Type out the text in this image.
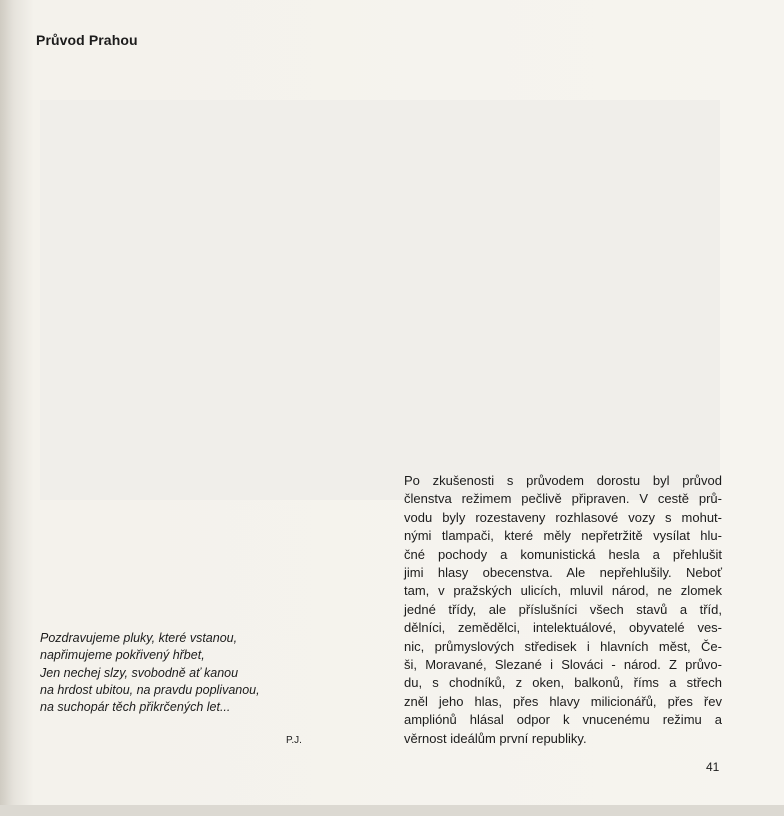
Průvod Prahou
Pozdravujeme pluky, které vstanou,
napřimujeme pokřivený hřbet,
Jen nechej slzy, svobodně ať kanou
na hrdost ubitou, na pravdu poplivanou,
na suchopár těch přikrčených let...
P.J.
Po zkušenosti s průvodem dorostu byl průvod
členstva režimem pečlivě připraven. V cestě prů-
vodu byly rozestaveny rozhlasové vozy s mohut-
nými tlampači, které měly nepřetržitě vysílat hlu-
čné pochody a komunistická hesla a přehlušit
jimi hlasy obecenstva. Ale nepřehlušily. Neboť
tam, v pražských ulicích, mluvil národ, ne zlomek
jedné třídy, ale příslušníci všech stavů a tříd,
dělníci, zemědělci, intelektuálové, obyvatelé ves-
nic, průmyslových středisek i hlavních měst, Če-
ši, Moravané, Slezané i Slováci - národ. Z průvo-
du, s chodníků, z oken, balkonů, říms a střech
zněl jeho hlas, přes hlavy milicionářů, přes řev
ampliónů hlásal odpor k vnucenému režimu a
věrnost ideálům první republiky.
41
